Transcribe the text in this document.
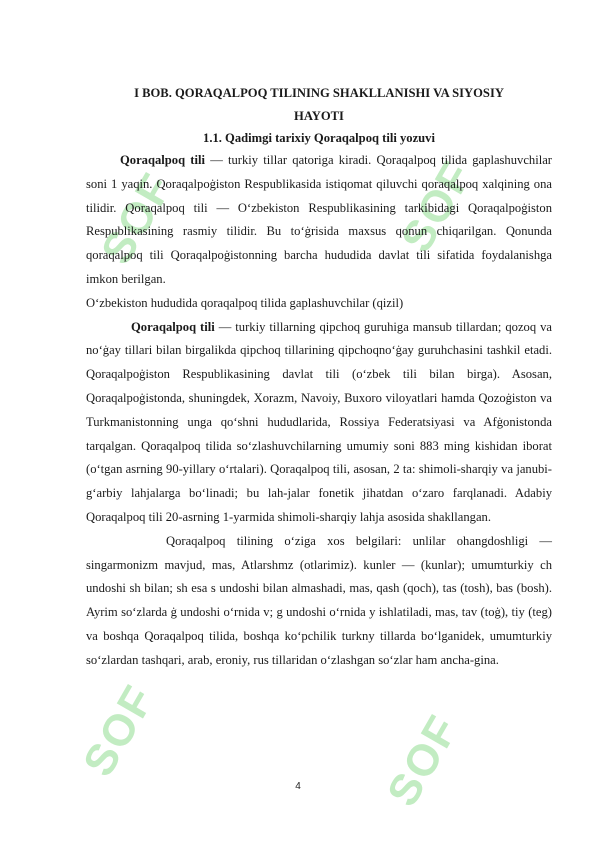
SOF	SOF
SOF	SOF
I BOB. QORAQALPOQ TILINING SHAKLLANISHI VA SIYOSIY
HAYOTI
1.1. Qadimgi tarixiy Qoraqalpoq tili yozuvi

Qoraqalpoq tili — turkiy tillar qatoriga kiradi. Qoraqalpoq tilida gaplashuvchilar soni 1 yaqin. Qoraqalpoġiston Respublikasida istiqomat qiluvchi qoraqalpoq xalqining ona tilidir. Qoraqalpoq tili — O‘zbekiston Respublikasining tarkibidagi Qoraqalpoġiston Respublikasining rasmiy tilidir. Bu to‘ġrisida maxsus qonun chiqarilgan. Qonunda qoraqalpoq tili Qoraqalpoġistonning barcha hududida davlat tili sifatida foydalanishga imkon berilgan.

O‘zbekiston hududida qoraqalpoq tilida gaplashuvchilar (qizil)

Qoraqalpoq tili — turkiy tillarning qipchoq guruhiga mansub tillardan; qozoq va no‘ġay tillari bilan birgalikda qipchoq tillarining qipchoqno‘ġay guruhchasini tashkil etadi. Qoraqalpoġiston Respublikasining davlat tili (o‘zbek tili bilan birga). Asosan, Qoraqalpoġistonda, shuningdek, Xorazm, Navoiy, Buxoro viloyatlari hamda Qozoġiston va Turkmanistonning unga qo‘shni hududlarida, Rossiya Federatsiyasi va Afġonistonda tarqalgan. Qoraqalpoq tilida so‘zlashuvchilarning umumiy soni 883 ming kishidan iborat (o‘tgan asrning 90-yillary o‘rtalari). Qoraqalpoq tili, asosan, 2 ta: shimoli-sharqiy va janubi-g‘arbiy lahjalarga bo‘linadi; bu lah-jalar fonetik jihatdan o‘zaro farqlanadi. Adabiy Qoraqalpoq tili 20-asrning 1-yarmida shimoli-sharqiy lahja asosida shakllangan.

Qoraqalpoq tilining o‘ziga xos belgilari: unlilar ohangdoshligi — singarmonizm mavjud, mas, Atlarshmz (otlarimiz). kunler — (kunlar); umumturkiy ch undoshi sh bilan; sh esa s undoshi bilan almashadi, mas, qash (qoch), tas (tosh), bas (bosh). Ayrim so‘zlarda ġ undoshi o‘rnida v; g undoshi o‘rnida y ishlatiladi, mas, tav (toġ), tiy (teg) va boshqa Qoraqalpoq tilida, boshqa ko‘pchilik turkny tillarda bo‘lganidek, umumturkiy so‘zlardan tashqari, arab, eroniy, rus tillaridan o‘zlashgan so‘zlar ham ancha-gina.

4
